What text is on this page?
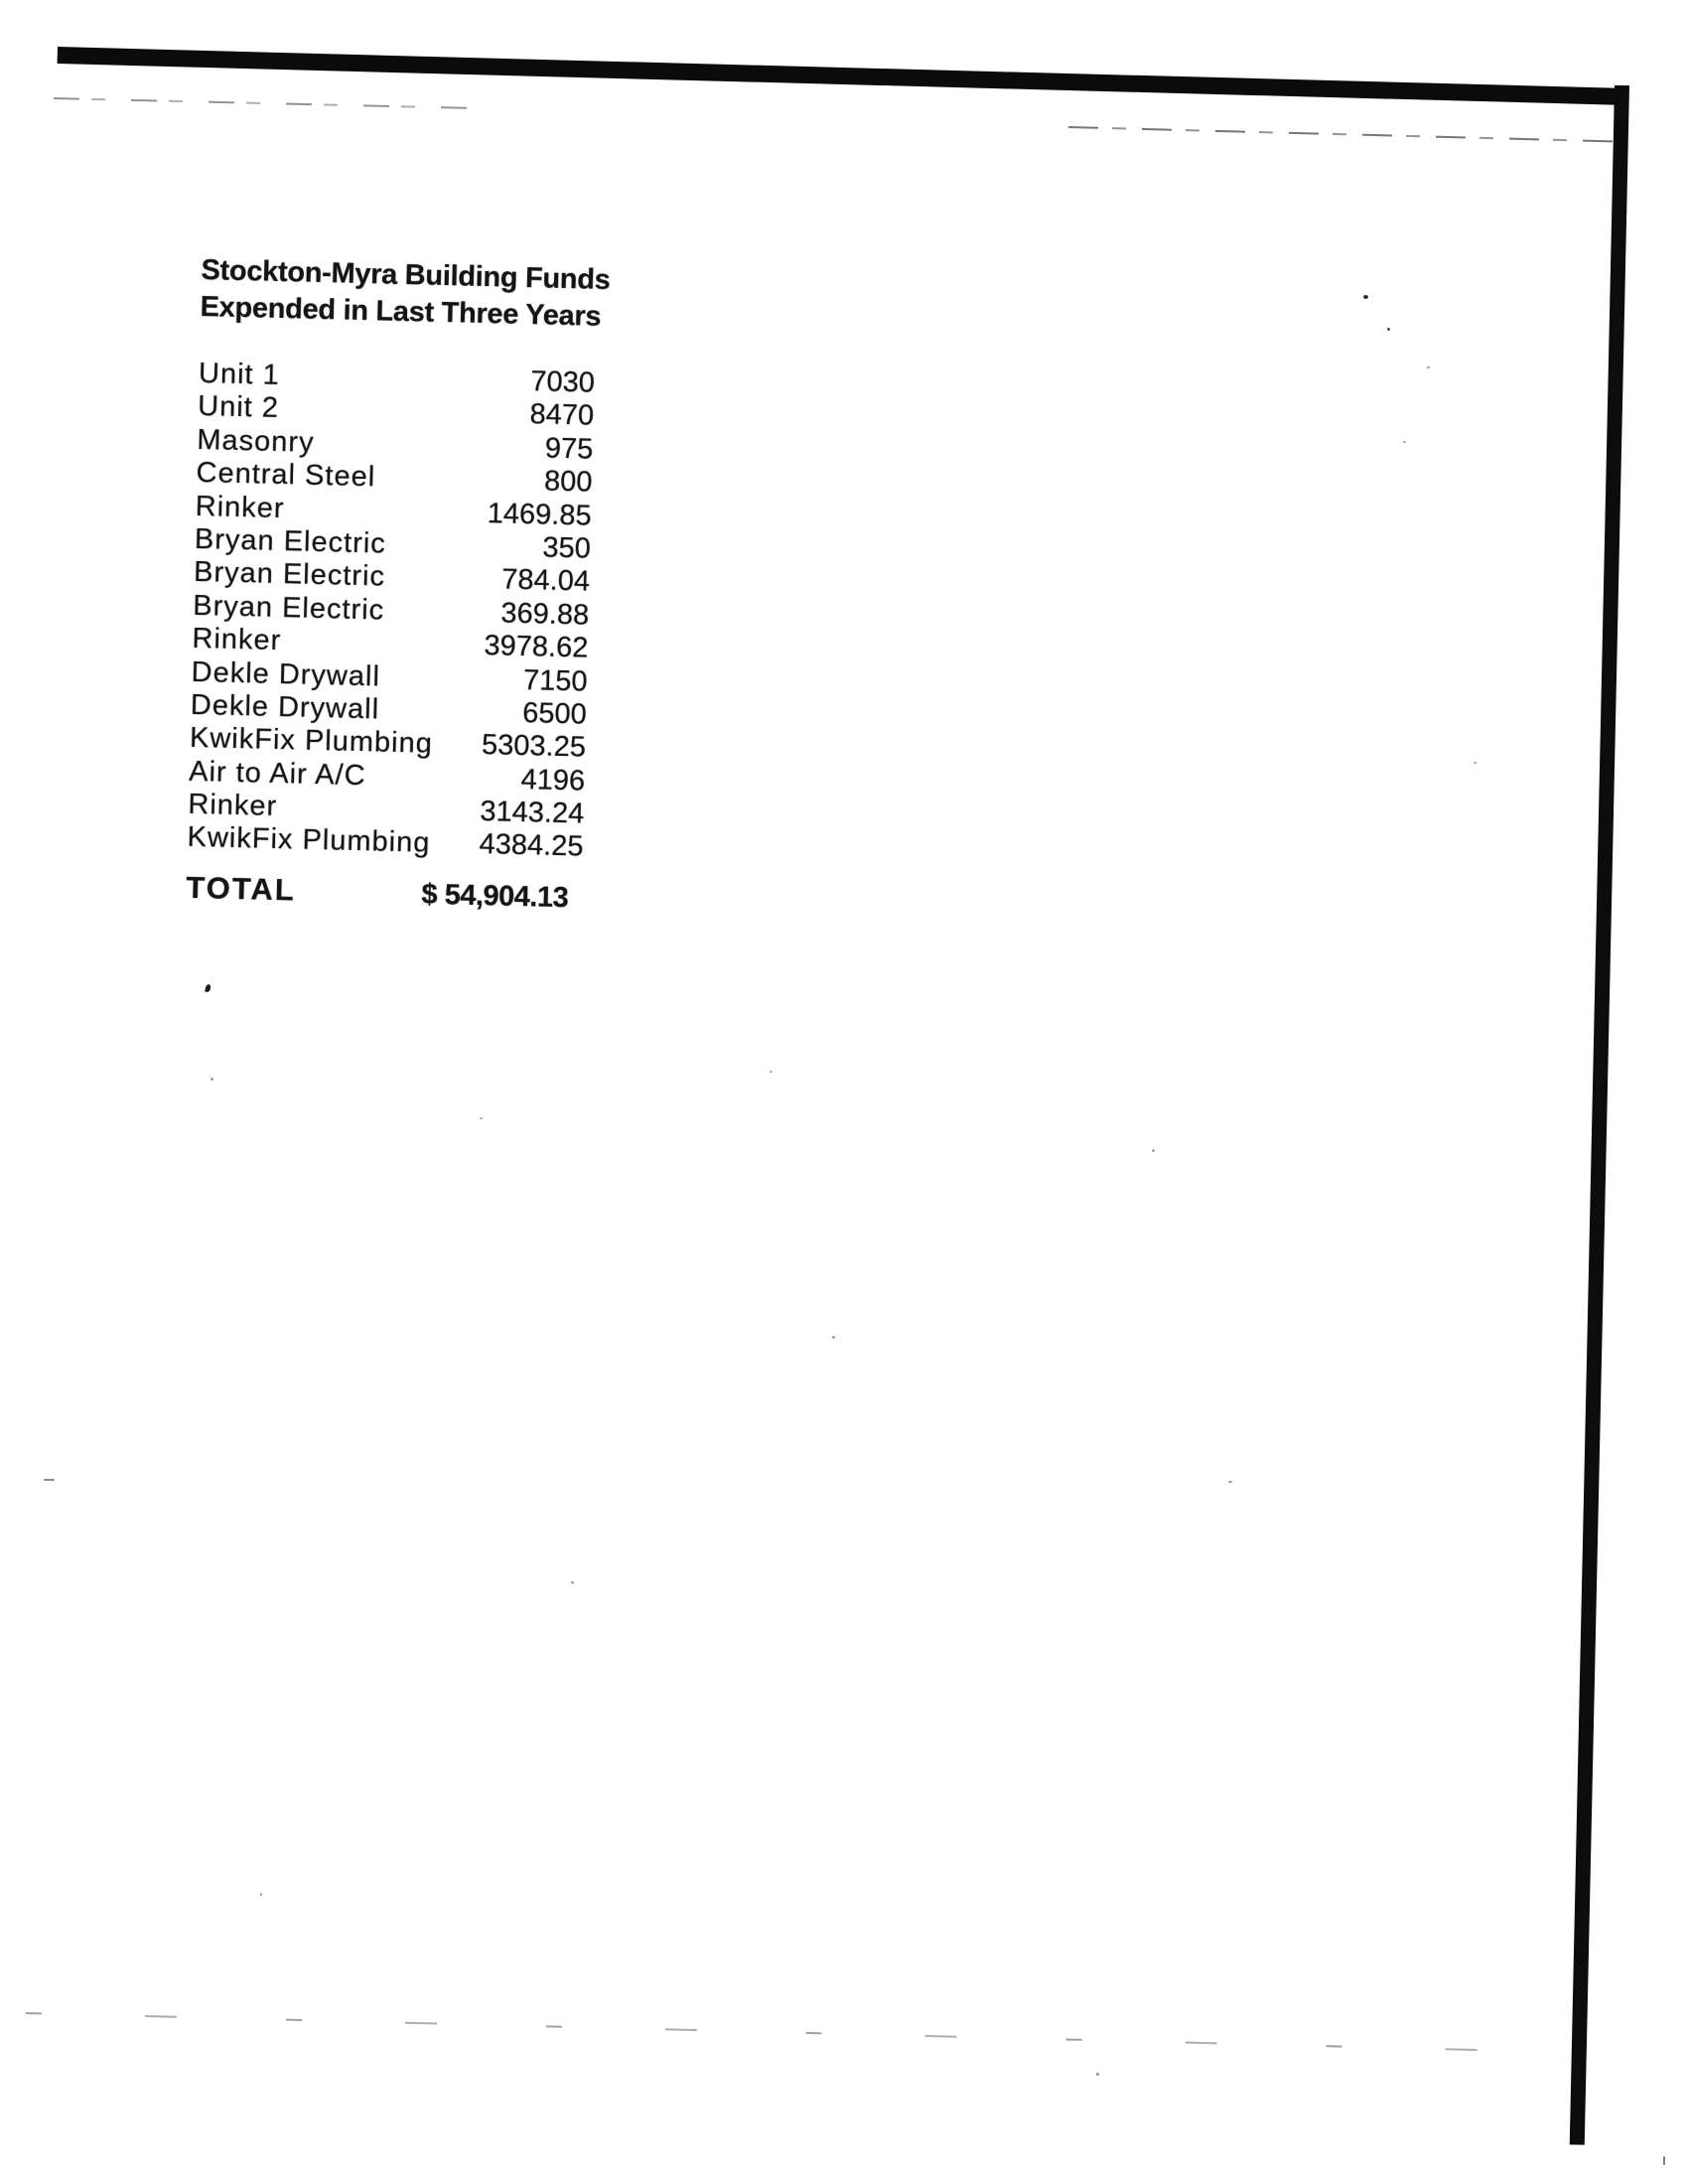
Stockton-Myra Building Funds
Expended in Last Three Years
Unit 1	7030
Unit 2	8470
Masonry	975
Central Steel	800
Rinker	1469.85
Bryan Electric	350
Bryan Electric	784.04
Bryan Electric	369.88
Rinker	3978.62
Dekle Drywall	7150
Dekle Drywall	6500
KwikFix Plumbing	5303.25
Air to Air A/C	4196
Rinker	3143.24
KwikFix Plumbing	4384.25
TOTAL	$ 54,904.13
